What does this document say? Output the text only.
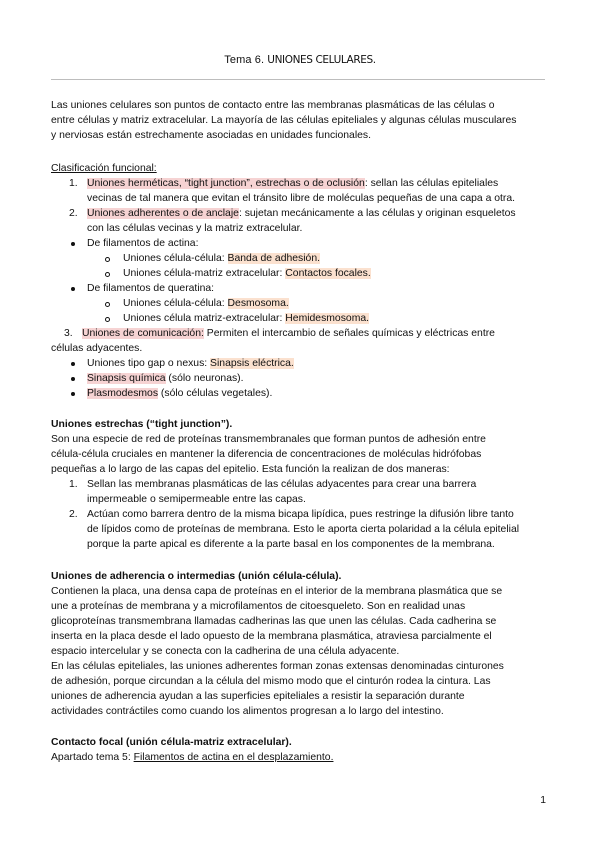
Tema 6. UNIONES CELULARES.
Las uniones celulares son puntos de contacto entre las membranas plasmáticas de las células o
entre células y matriz extracelular. La mayoría de las células epiteliales y algunas células musculares
y nerviosas están estrechamente asociadas en unidades funcionales.
Clasificación funcional:
1. Uniones herméticas, “tight junction”, estrechas o de oclusión: sellan las células epiteliales
vecinas de tal manera que evitan el tránsito libre de moléculas pequeñas de una capa a otra.
2. Uniones adherentes o de anclaje: sujetan mecánicamente a las células y originan esqueletos
con las células vecinas y la matriz extracelular.
De filamentos de actina:
Uniones célula-célula: Banda de adhesión.
Uniones célula-matriz extracelular: Contactos focales.
De filamentos de queratina:
Uniones célula-célula: Desmosoma.
Uniones célula matriz-extracelular: Hemidesmosoma.
3. Uniones de comunicación: Permiten el intercambio de señales químicas y eléctricas entre
células adyacentes.
Uniones tipo gap o nexus: Sinapsis eléctrica.
Sinapsis química (sólo neuronas).
Plasmodesmos (sólo células vegetales).
Uniones estrechas (“tight junction”).
Son una especie de red de proteínas transmembranales que forman puntos de adhesión entre
célula-célula cruciales en mantener la diferencia de concentraciones de moléculas hidrófobas
pequeñas a lo largo de las capas del epitelio. Esta función la realizan de dos maneras:
1. Sellan las membranas plasmáticas de las células adyacentes para crear una barrera
impermeable o semipermeable entre las capas.
2. Actúan como barrera dentro de la misma bicapa lipídica, pues restringe la difusión libre tanto
de lípidos como de proteínas de membrana. Esto le aporta cierta polaridad a la célula epitelial
porque la parte apical es diferente a la parte basal en los componentes de la membrana.
Uniones de adherencia o intermedias (unión célula-célula).
Contienen la placa, una densa capa de proteínas en el interior de la membrana plasmática que se
une a proteínas de membrana y a microfilamentos de citoesqueleto. Son en realidad unas
glicoproteínas transmembrana llamadas cadherinas las que unen las células. Cada cadherina se
inserta en la placa desde el lado opuesto de la membrana plasmática, atraviesa parcialmente el
espacio intercelular y se conecta con la cadherina de una célula adyacente.
En las células epiteliales, las uniones adherentes forman zonas extensas denominadas cinturones
de adhesión, porque circundan a la célula del mismo modo que el cinturón rodea la cintura. Las
uniones de adherencia ayudan a las superficies epiteliales a resistir la separación durante
actividades contráctiles como cuando los alimentos progresan a lo largo del intestino.
Contacto focal (unión célula-matriz extracelular).
Apartado tema 5: Filamentos de actina en el desplazamiento.
1
